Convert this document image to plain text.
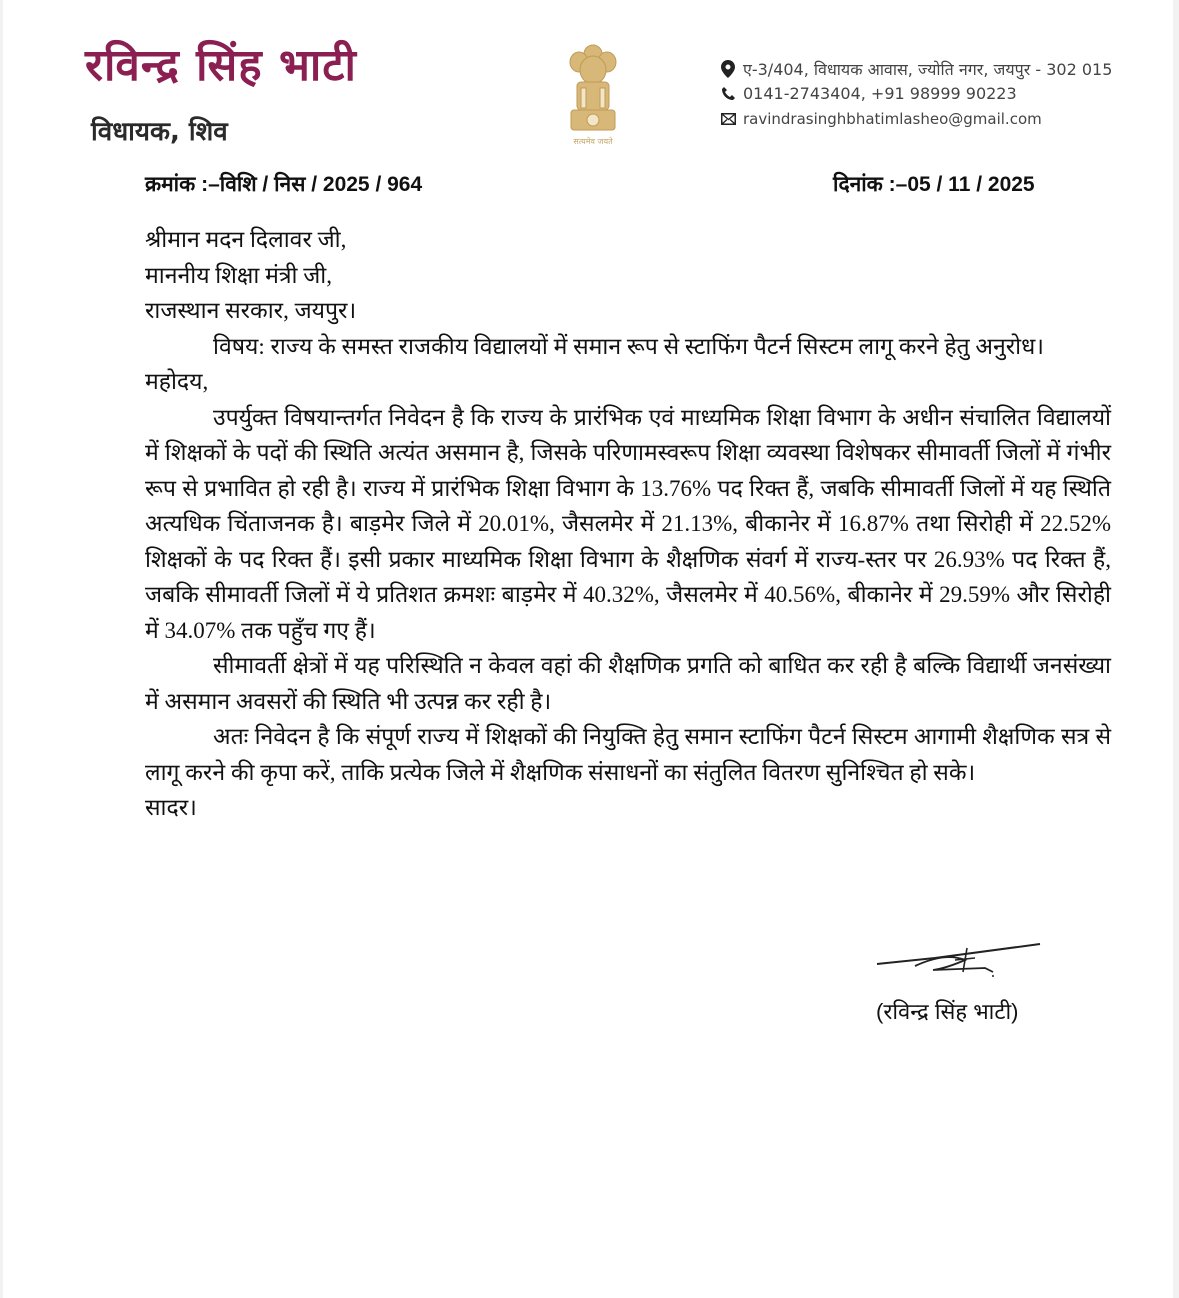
रविन्द्र सिंह भाटी
विधायक, शिव	सत्यमेव जयते
ए-3/404, विधायक आवास, ज्योति नगर, जयपुर - 302 015
0141-2743404, +91 98999 90223
ravindrasinghbhatimlasheo@gmail.com
क्रमांक :–विशि / निस / 2025 / 964	दिनांक :–05 / 11 / 2025

श्रीमान मदन दिलावर जी,

माननीय शिक्षा मंत्री जी,

राजस्थान सरकार, जयपुर।

विषय: राज्य के समस्त राजकीय विद्यालयों में समान रूप से स्टाफिंग पैटर्न सिस्टम लागू करने हेतु अनुरोध।

महोदय,

उपर्युक्त विषयान्तर्गत निवेदन है कि राज्य के प्रारंभिक एवं माध्यमिक शिक्षा विभाग के अधीन संचालित विद्यालयों में शिक्षकों के पदों की स्थिति अत्यंत असमान है, जिसके परिणामस्वरूप शिक्षा व्यवस्था विशेषकर सीमावर्ती जिलों में गंभीर रूप से प्रभावित हो रही है। राज्य में प्रारंभिक शिक्षा विभाग के 13.76% पद रिक्त हैं, जबकि सीमावर्ती जिलों में यह स्थिति अत्यधिक चिंताजनक है। बाड़मेर जिले में 20.01%, जैसलमेर में 21.13%, बीकानेर में 16.87% तथा सिरोही में 22.52% शिक्षकों के पद रिक्त हैं। इसी प्रकार माध्यमिक शिक्षा विभाग के शैक्षणिक संवर्ग में राज्य-स्तर पर 26.93% पद रिक्त हैं, जबकि सीमावर्ती जिलों में ये प्रतिशत क्रमशः बाड़मेर में 40.32%, जैसलमेर में 40.56%, बीकानेर में 29.59% और सिरोही में 34.07% तक पहुँच गए हैं।

सीमावर्ती क्षेत्रों में यह परिस्थिति न केवल वहां की शैक्षणिक प्रगति को बाधित कर रही है बल्कि विद्यार्थी जनसंख्या में असमान अवसरों की स्थिति भी उत्पन्न कर रही है।

अतः निवेदन है कि संपूर्ण राज्य में शिक्षकों की नियुक्ति हेतु समान स्टाफिंग पैटर्न सिस्टम आगामी शैक्षणिक सत्र से लागू करने की कृपा करें, ताकि प्रत्येक जिले में शैक्षणिक संसाधनों का संतुलित वितरण सुनिश्चित हो सके।

सादर।

(रविन्द्र सिंह भाटी)
